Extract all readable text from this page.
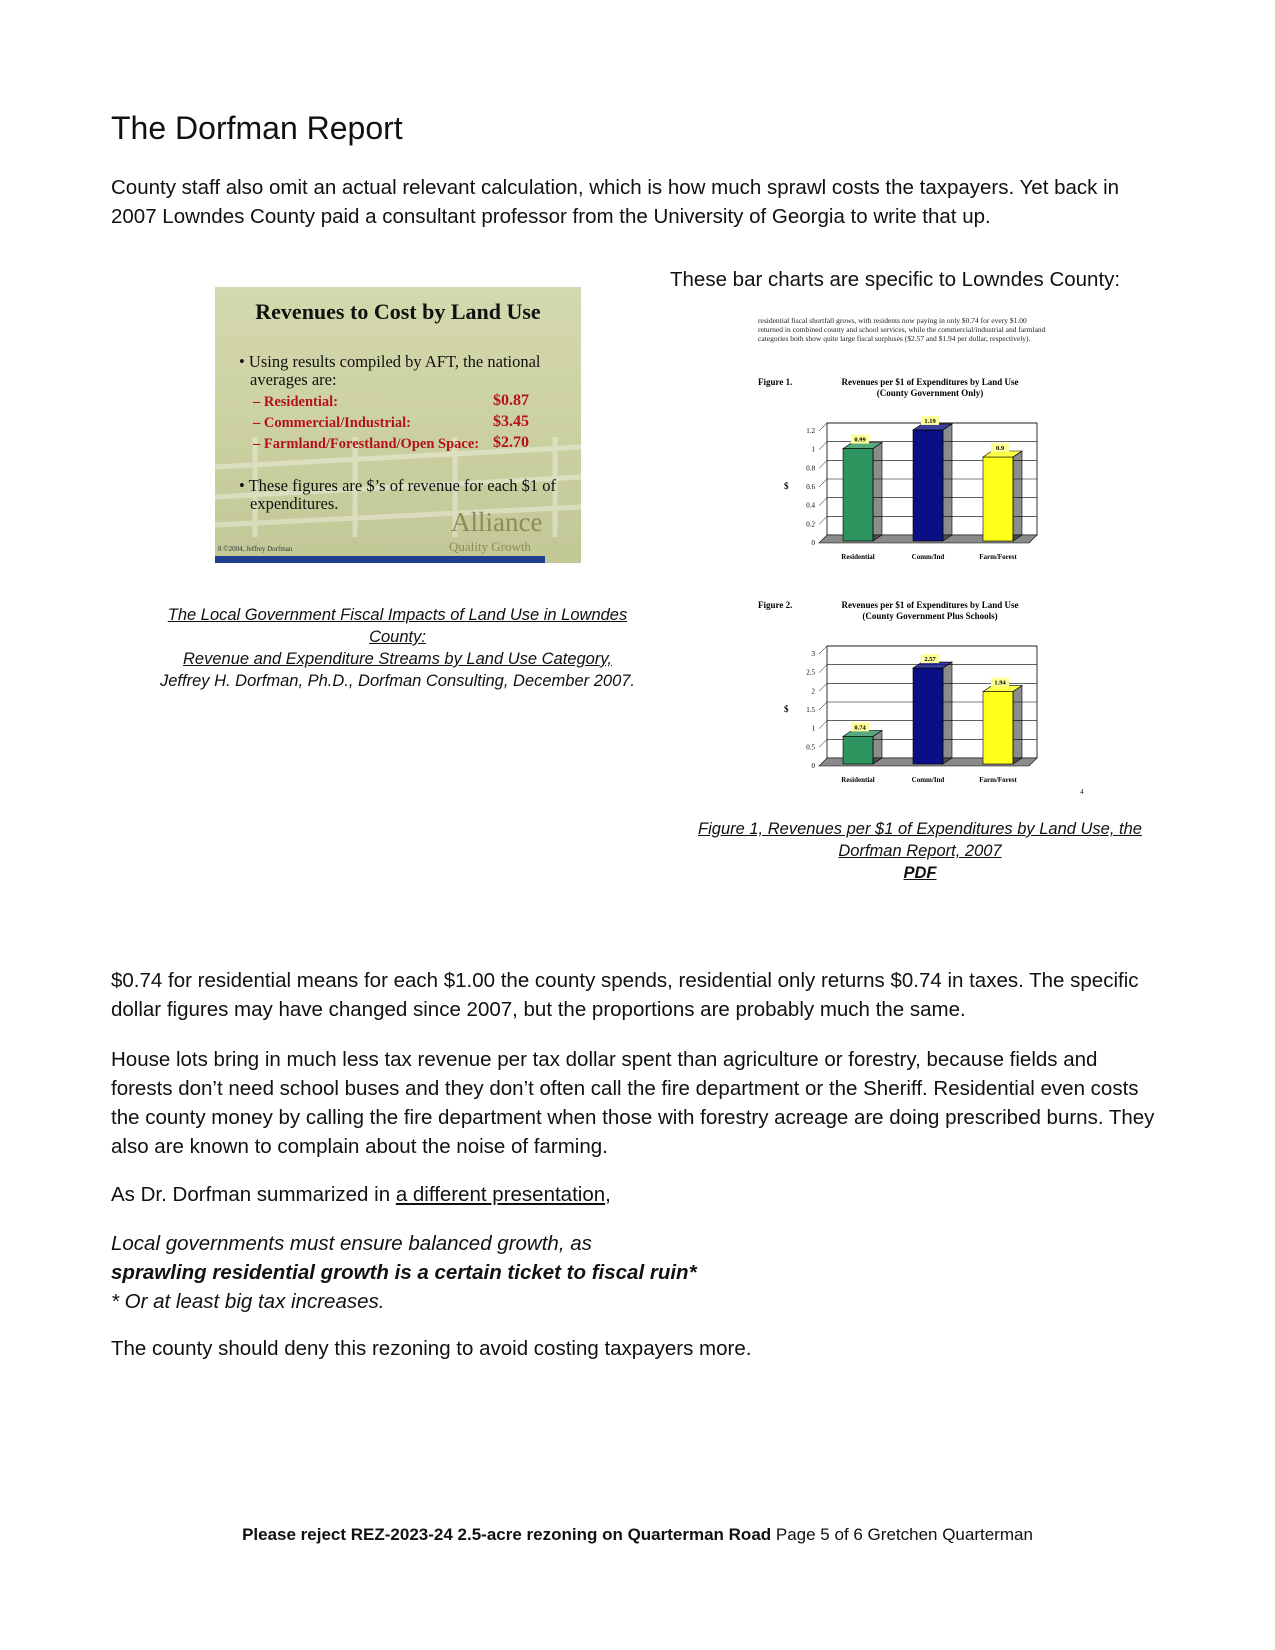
The Dorfman Report

County staff also omit an actual relevant calculation, which is how much sprawl costs the taxpayers. Yet back in 2007 Lowndes County paid a consultant professor from the University of Georgia to write that up.

Revenues to Cost by Land Use
• Using results compiled by AFT, the national
averages are:
– Residential:	$0.87
– Commercial/Industrial:	$3.45
– Farmland/Forestland/Open Space: $2.70
• These figures are $’s of revenue for each $1 of
expenditures.
Alliance
Quality Growth
8 ©2004, Jeffrey Dorfman
The Local Government Fiscal Impacts of Land Use in Lowndes
County:
Revenue and Expenditure Streams by Land Use Category,
Jeffrey H. Dorfman, Ph.D., Dorfman Consulting, December 2007.

These bar charts are specific to Lowndes County:

residential fiscal shortfall grows, with residents now paying in only $0.74 for every $1.00
returned in combined county and school services, while the commercial/industrial and farmland
categories both show quite large fiscal surpluses ($2.57 and $1.94 per dollar, respectively).
Figure 1.	Revenues per $1 of Expenditures by Land Use
(County Government Only)
0
0.2
0.4
0.6
0.8
1
1.2
$
0.99
Residential
1.19
Comm/Ind
0.9
Farm/Forest
Figure 2.	Revenues per $1 of Expenditures by Land Use
(County Government Plus Schools)
0
0.5
1
1.5
2
2.5
3
$
0.74
Residential
2.57
Comm/Ind
1.94
Farm/Forest
4
Figure 1, Revenues per $1 of Expenditures by Land Use, the
Dorfman Report, 2007
PDF

$0.74 for residential means for each $1.00 the county spends, residential only returns $0.74 in taxes. The specific dollar figures may have changed since 2007, but the proportions are probably much the same.

House lots bring in much less tax revenue per tax dollar spent than agriculture or forestry, because fields and forests don’t need school buses and they don’t often call the fire department or the Sheriff. Residential even costs the county money by calling the fire department when those with forestry acreage are doing prescribed burns. They also are known to complain about the noise of farming.

As Dr. Dorfman summarized in a different presentation,

Local governments must ensure balanced growth, as
sprawling residential growth is a certain ticket to fiscal ruin*
* Or at least big tax increases.

The county should deny this rezoning to avoid costing taxpayers more.

Please reject REZ-2023-24 2.5-acre rezoning on Quarterman Road Page 5 of 6 Gretchen Quarterman
